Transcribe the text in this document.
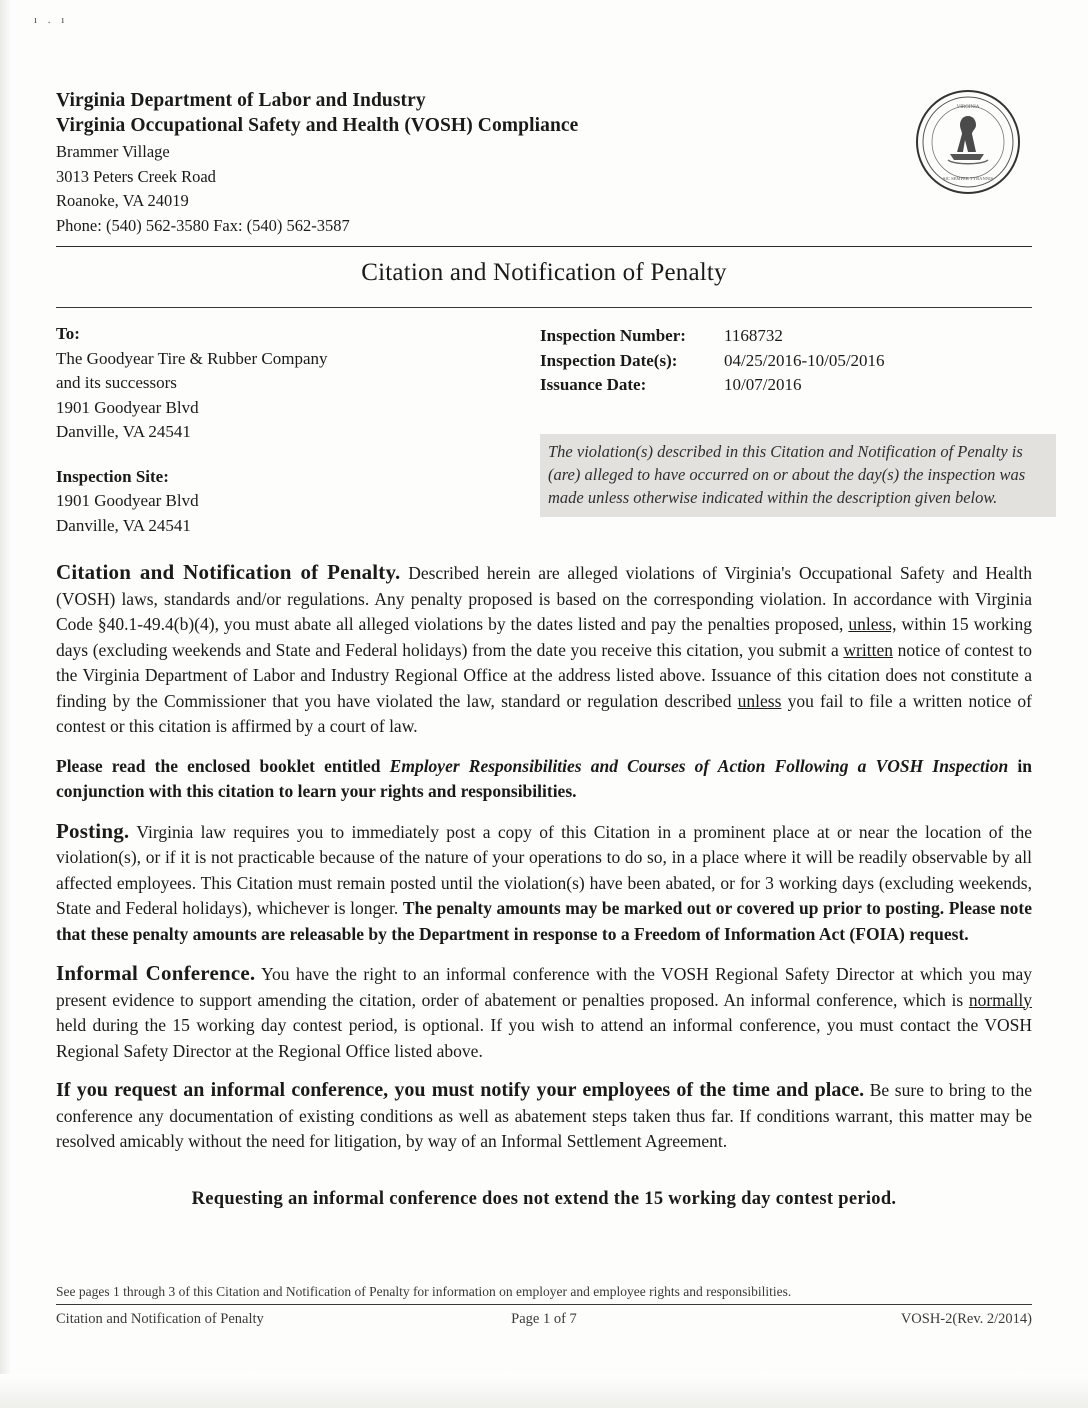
ı . ı
Virginia Department of Labor and Industry
Virginia Occupational Safety and Health (VOSH) Compliance
Brammer Village
3013 Peters Creek Road
Roanoke, VA 24019
Phone: (540) 562-3580 Fax: (540) 562-3587
VIRGINIA
SIC SEMPER TYRANNIS
Citation and Notification of Penalty
To:
The Goodyear Tire & Rubber Company
and its successors
1901 Goodyear Blvd
Danville, VA 24541
Inspection Site:
1901 Goodyear Blvd
Danville, VA 24541
Inspection Number:	1168732
Inspection Date(s):	04/25/2016-10/05/2016
Issuance Date:	10/07/2016
The violation(s) described in this Citation and Notification of Penalty is (are) alleged to have occurred on or about the day(s) the inspection was made unless otherwise indicated within the description given below.

Citation and Notification of Penalty. Described herein are alleged violations of Virginia's Occupational Safety and Health (VOSH) laws, standards and/or regulations. Any penalty proposed is based on the corresponding violation. In accordance with Virginia Code §40.1-49.4(b)(4), you must abate all alleged violations by the dates listed and pay the penalties proposed, unless, within 15 working days (excluding weekends and State and Federal holidays) from the date you receive this citation, you submit a written notice of contest to the Virginia Department of Labor and Industry Regional Office at the address listed above. Issuance of this citation does not constitute a finding by the Commissioner that you have violated the law, standard or regulation described unless you fail to file a written notice of contest or this citation is affirmed by a court of law.

Please read the enclosed booklet entitled Employer Responsibilities and Courses of Action Following a VOSH Inspection in conjunction with this citation to learn your rights and responsibilities.

Posting. Virginia law requires you to immediately post a copy of this Citation in a prominent place at or near the location of the violation(s), or if it is not practicable because of the nature of your operations to do so, in a place where it will be readily observable by all affected employees. This Citation must remain posted until the violation(s) have been abated, or for 3 working days (excluding weekends, State and Federal holidays), whichever is longer. The penalty amounts may be marked out or covered up prior to posting. Please note that these penalty amounts are releasable by the Department in response to a Freedom of Information Act (FOIA) request.

Informal Conference. You have the right to an informal conference with the VOSH Regional Safety Director at which you may present evidence to support amending the citation, order of abatement or penalties proposed. An informal conference, which is normally held during the 15 working day contest period, is optional. If you wish to attend an informal conference, you must contact the VOSH Regional Safety Director at the Regional Office listed above.

If you request an informal conference, you must notify your employees of the time and place. Be sure to bring to the conference any documentation of existing conditions as well as abatement steps taken thus far. If conditions warrant, this matter may be resolved amicably without the need for litigation, by way of an Informal Settlement Agreement.

Requesting an informal conference does not extend the 15 working day contest period.

See pages 1 through 3 of this Citation and Notification of Penalty for information on employer and employee rights and responsibilities.
Citation and Notification of Penalty	Page 1 of 7	VOSH-2(Rev. 2/2014)
